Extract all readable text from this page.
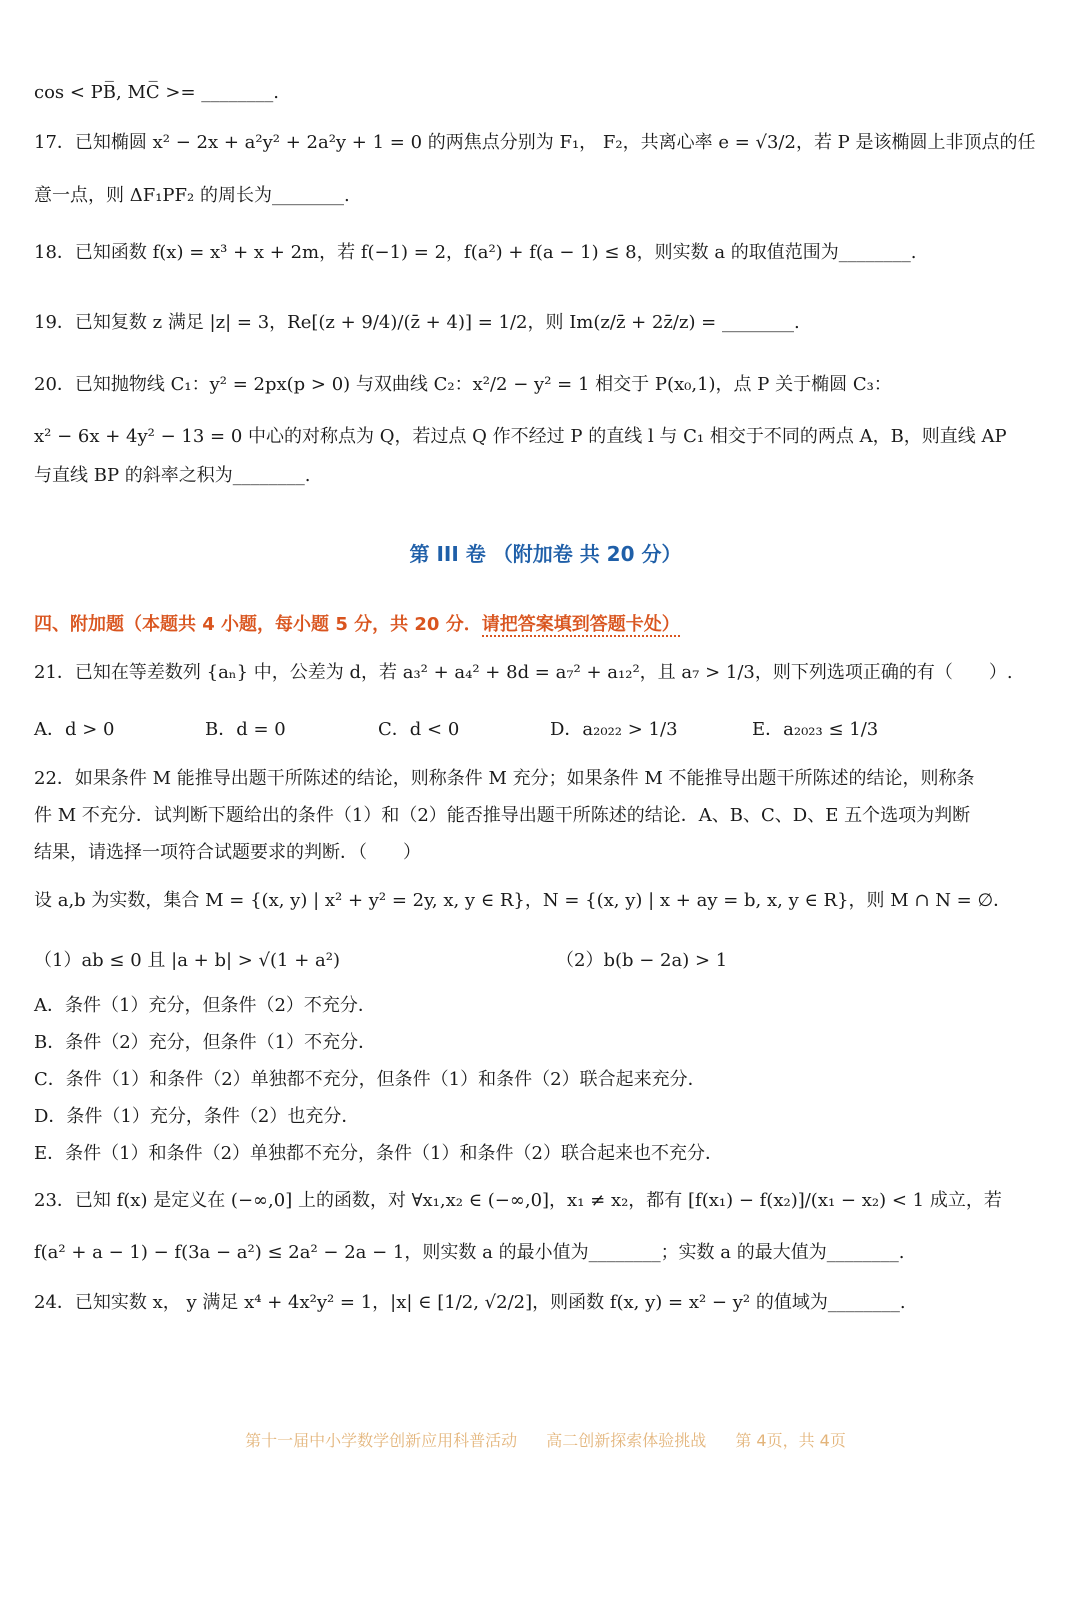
cos < PB̅, MC̅ >= ________.
17．已知椭圆 x² − 2x + a²y² + 2a²y + 1 = 0 的两焦点分别为 F₁， F₂，共离心率 e = √3/2，若 P 是该椭圆上非顶点的任
意一点，则 ΔF₁PF₂ 的周长为________.
18．已知函数 f(x) = x³ + x + 2m，若 f(−1) = 2，f(a²) + f(a − 1) ≤ 8，则实数 a 的取值范围为________.
19．已知复数 z 满足 |z| = 3，Re[(z + 9/4)/(z̄ + 4)] = 1/2，则 Im(z/z̄ + 2z̄/z) = ________.
20．已知抛物线 C₁：y² = 2px(p > 0) 与双曲线 C₂：x²/2 − y² = 1 相交于 P(x₀,1)，点 P 关于椭圆 C₃：
x² − 6x + 4y² − 13 = 0 中心的对称点为 Q，若过点 Q 作不经过 P 的直线 l 与 C₁ 相交于不同的两点 A，B，则直线 AP
与直线 BP 的斜率之积为________.
第 III 卷 （附加卷 共 20 分）
四、附加题（本题共 4 小题，每小题 5 分，共 20 分．请把答案填到答题卡处）
21．已知在等差数列 {aₙ} 中，公差为 d，若 a₃² + a₄² + 8d = a₇² + a₁₂²，且 a₇ > 1/3，则下列选项正确的有（　　）.
A．d > 0	B．d = 0	C．d < 0	D．a₂₀₂₂ > 1/3	E．a₂₀₂₃ ≤ 1/3
22．如果条件 M 能推导出题干所陈述的结论，则称条件 M 充分；如果条件 M 不能推导出题干所陈述的结论，则称条
件 M 不充分．试判断下题给出的条件（1）和（2）能否推导出题干所陈述的结论．A、B、C、D、E 五个选项为判断
结果，请选择一项符合试题要求的判断．（　　）
设 a,b 为实数，集合 M = {(x, y) | x² + y² = 2y, x, y ∈ R}，N = {(x, y) | x + ay = b, x, y ∈ R}，则 M ∩ N = ∅．
（1）ab ≤ 0 且 |a + b| > √(1 + a²)	（2）b(b − 2a) > 1
A．条件（1）充分，但条件（2）不充分．
B．条件（2）充分，但条件（1）不充分．
C．条件（1）和条件（2）单独都不充分，但条件（1）和条件（2）联合起来充分．
D．条件（1）充分，条件（2）也充分．
E．条件（1）和条件（2）单独都不充分，条件（1）和条件（2）联合起来也不充分．
23．已知 f(x) 是定义在 (−∞,0] 上的函数，对 ∀x₁,x₂ ∈ (−∞,0]，x₁ ≠ x₂，都有 [f(x₁) − f(x₂)]/(x₁ − x₂) < 1 成立，若
f(a² + a − 1) − f(3a − a²) ≤ 2a² − 2a − 1，则实数 a 的最小值为________；实数 a 的最大值为________.
24．已知实数 x， y 满足 x⁴ + 4x²y² = 1，|x| ∈ [1/2, √2/2]，则函数 f(x, y) = x² − y² 的值域为________.
第十一届中小学数学创新应用科普活动 高二创新探索体验挑战 第 4页，共 4页
